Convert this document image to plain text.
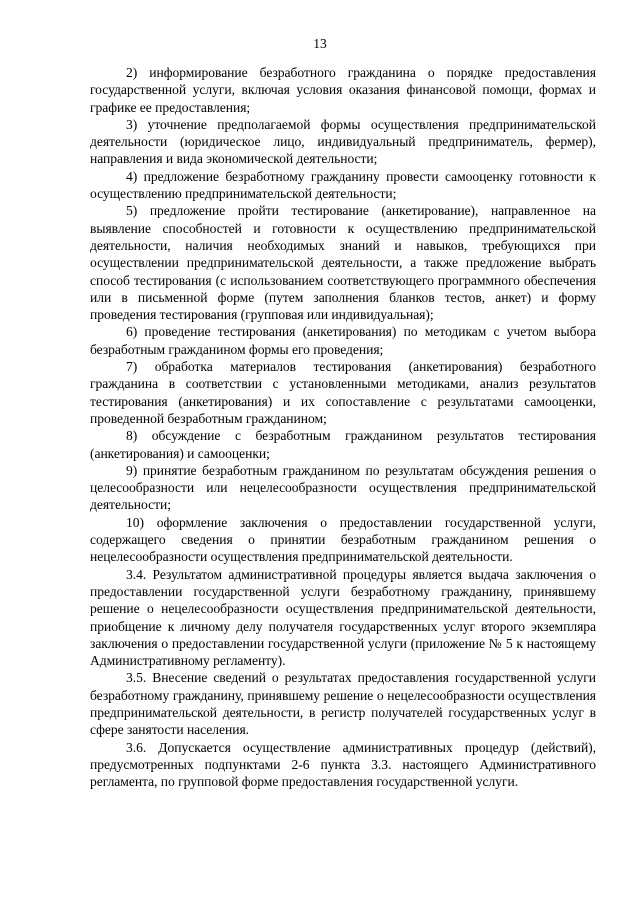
13

2) информирование безработного гражданина о порядке предоставления государственной услуги, включая условия оказания финансовой помощи, формах и графике ее предоставления;

3) уточнение предполагаемой формы осуществления предпринимательской деятельности (юридическое лицо, индивидуальный предприниматель, фермер), направления и вида экономической деятельности;

4) предложение безработному гражданину провести самооценку готовности к осуществлению предпринимательской деятельности;

5) предложение пройти тестирование (анкетирование), направленное на выявление способностей и готовности к осуществлению предпринимательской деятельности, наличия необходимых знаний и навыков, требующихся при осуществлении предпринимательской деятельности, а также предложение выбрать способ тестирования (с использованием соответствующего программного обеспечения или в письменной форме (путем заполнения бланков тестов, анкет) и форму проведения тестирования (групповая или индивидуальная);

6) проведение тестирования (анкетирования) по методикам с учетом выбора безработным гражданином формы его проведения;

7) обработка материалов тестирования (анкетирования) безработного гражданина в соответствии с установленными методиками, анализ результатов тестирования (анкетирования) и их сопоставление с результатами самооценки, проведенной безработным гражданином;

8) обсуждение с безработным гражданином результатов тестирования (анкетирования) и самооценки;

9) принятие безработным гражданином по результатам обсуждения решения о целесообразности или нецелесообразности осуществления предпринимательской деятельности;

10) оформление заключения о предоставлении государственной услуги, содержащего сведения о принятии безработным гражданином решения о нецелесообразности осуществления предпринимательской деятельности.

3.4. Результатом административной процедуры является выдача заключения о предоставлении государственной услуги безработному гражданину, принявшему решение о нецелесообразности осуществления предпринимательской деятельности, приобщение к личному делу получателя государственных услуг второго экземпляра заключения о предоставлении государственной услуги (приложение № 5 к настоящему Административному регламенту).

3.5. Внесение сведений о результатах предоставления государственной услуги безработному гражданину, принявшему решение о нецелесообразности осуществления предпринимательской деятельности, в регистр получателей государственных услуг в сфере занятости населения.

3.6. Допускается осуществление административных процедур (действий), предусмотренных подпунктами 2-6 пункта 3.3. настоящего Административного регламента, по групповой форме предоставления государственной услуги.
